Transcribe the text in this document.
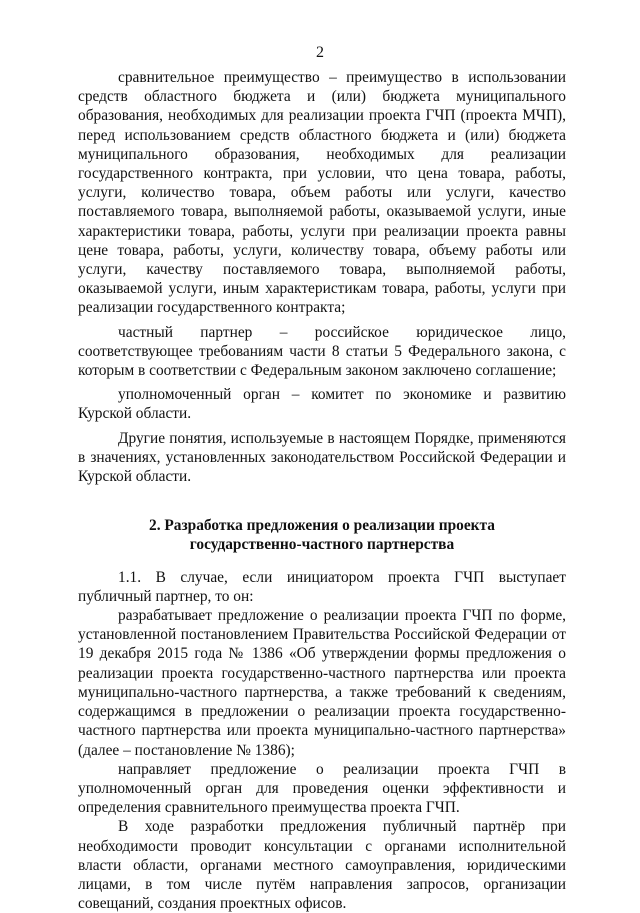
2

сравнительное преимущество – преимущество в использовании средств областного бюджета и (или) бюджета муниципального образования, необходимых для реализации проекта ГЧП (проекта МЧП), перед использованием средств областного бюджета и (или) бюджета муниципального образования, необходимых для реализации государственного контракта, при условии, что цена товара, работы, услуги, количество товара, объем работы или услуги, качество поставляемого товара, выполняемой работы, оказываемой услуги, иные характеристики товара, работы, услуги при реализации проекта равны цене товара, работы, услуги, количеству товара, объему работы или услуги, качеству поставляемого товара, выполняемой работы, оказываемой услуги, иным характеристикам товара, работы, услуги при реализации государственного контракта;

частный партнер – российское юридическое лицо, соответствующее требованиям части 8 статьи 5 Федерального закона, с которым в соответствии с Федеральным законом заключено соглашение;

уполномоченный орган – комитет по экономике и развитию Курской области.

Другие понятия, используемые в настоящем Порядке, применяются в значениях, установленных законодательством Российской Федерации и Курской области.

2. Разработка предложения о реализации проекта
государственно-частного партнерства

1.1. В случае, если инициатором проекта ГЧП выступает публичный партнер, то он:

разрабатывает предложение о реализации проекта ГЧП по форме, установленной постановлением Правительства Российской Федерации от 19 декабря 2015 года № 1386 «Об утверждении формы предложения о реализации проекта государственно-частного партнерства или проекта муниципально-частного партнерства, а также требований к сведениям, содержащимся в предложении о реализации проекта государственно-частного партнерства или проекта муниципально-частного партнерства» (далее – постановление № 1386);

направляет предложение о реализации проекта ГЧП в уполномоченный орган для проведения оценки эффективности и определения сравнительного преимущества проекта ГЧП.

В ходе разработки предложения публичный партнёр при необходимости проводит консультации с органами исполнительной власти области, органами местного самоуправления, юридическими лицами, в том числе путём направления запросов, организации совещаний, создания проектных офисов.
